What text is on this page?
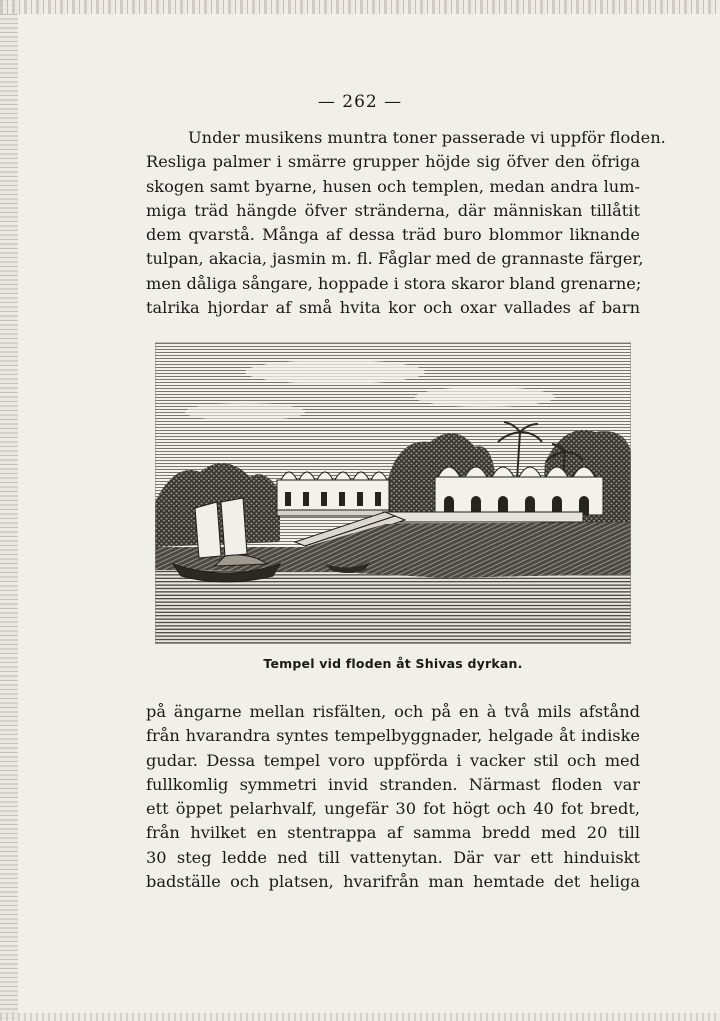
— 262 —
Under musikens muntra toner passerade vi uppför floden.
Resliga palmer i smärre grupper höjde sig öfver den öfriga
skogen samt byarne, husen och templen, medan andra lum-
miga träd hängde öfver stränderna, där människan tillåtit
dem qvarstå. Många af dessa träd buro blommor liknande
tulpan, akacia, jasmin m. fl. Fåglar med de grannaste färger,
men dåliga sångare, hoppade i stora skaror bland grenarne;
talrika hjordar af små hvita kor och oxar vallades af barn
Tempel vid floden åt Shivas dyrkan.
på ängarne mellan risfälten, och på en à två mils afstånd
från hvarandra syntes tempelbyggnader, helgade åt indiske
gudar. Dessa tempel voro uppförda i vacker stil och med
fullkomlig symmetri invid stranden. Närmast floden var
ett öppet pelarhvalf, ungefär 30 fot högt och 40 fot bredt,
från hvilket en stentrappa af samma bredd med 20 till
30 steg ledde ned till vattenytan. Där var ett hinduiskt
badställe och platsen, hvarifrån man hemtade det heliga
